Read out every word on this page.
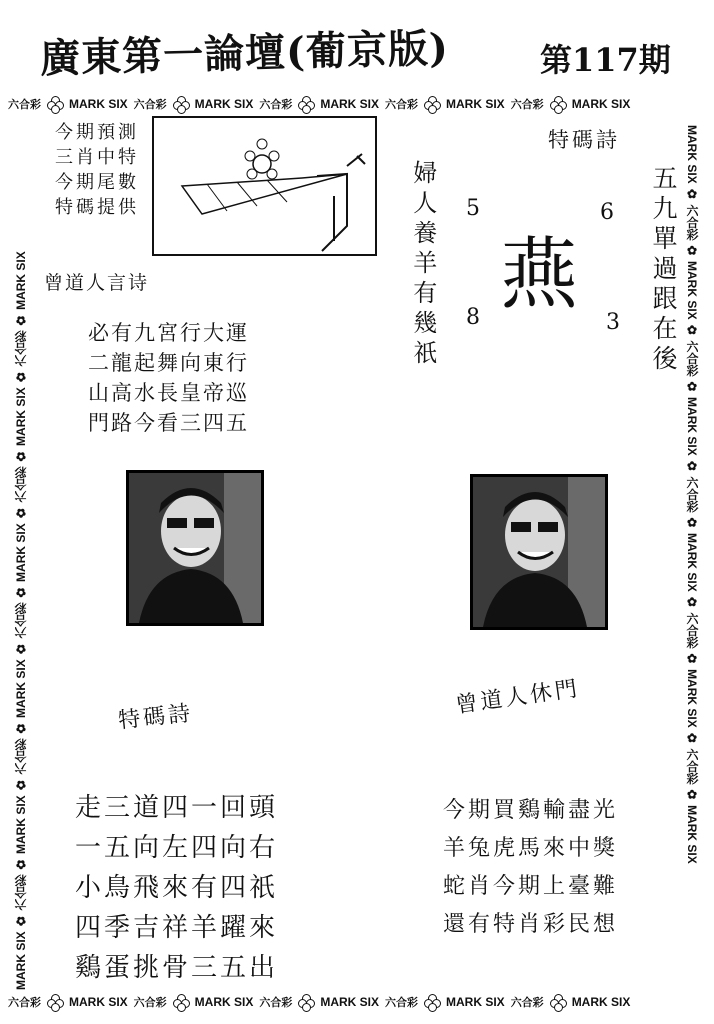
廣東第一論壇(葡京版)	第117期
六合彩 MARK SIX 六合彩 MARK SIX 六合彩 MARK SIX 六合彩 MARK SIX 六合彩 MARK SIX
六合彩 MARK SIX 六合彩 MARK SIX 六合彩 MARK SIX 六合彩 MARK SIX 六合彩 MARK SIX
MARK SIX ✿ 六合彩 ✿ MARK SIX ✿ 六合彩 ✿ MARK SIX ✿ 六合彩 ✿ MARK SIX ✿ 六合彩 ✿ MARK SIX ✿ 六合彩 ✿ MARK SIX
MARK SIX ✿ 六合彩 ✿ MARK SIX ✿ 六合彩 ✿ MARK SIX ✿ 六合彩 ✿ MARK SIX ✿ 六合彩 ✿ MARK SIX ✿ 六合彩 ✿ MARK SIX
今期預測
三肖中特
今期尾數
特碼提供
曾道人言诗	婦人養羊有幾祇
特碼詩
5	6
8	3
燕	五九單過跟在後
必有九宮行大運
二龍起舞向東行
山高水長皇帝巡
門路今看三四五
特碼詩	曾道人休門
走三道四一回頭
一五向左四向右
小鳥飛來有四祇
四季吉祥羊躍來
鷄蛋挑骨三五出
今期買鷄輸盡光
羊兔虎馬來中獎
蛇肖今期上臺難
還有特肖彩民想
